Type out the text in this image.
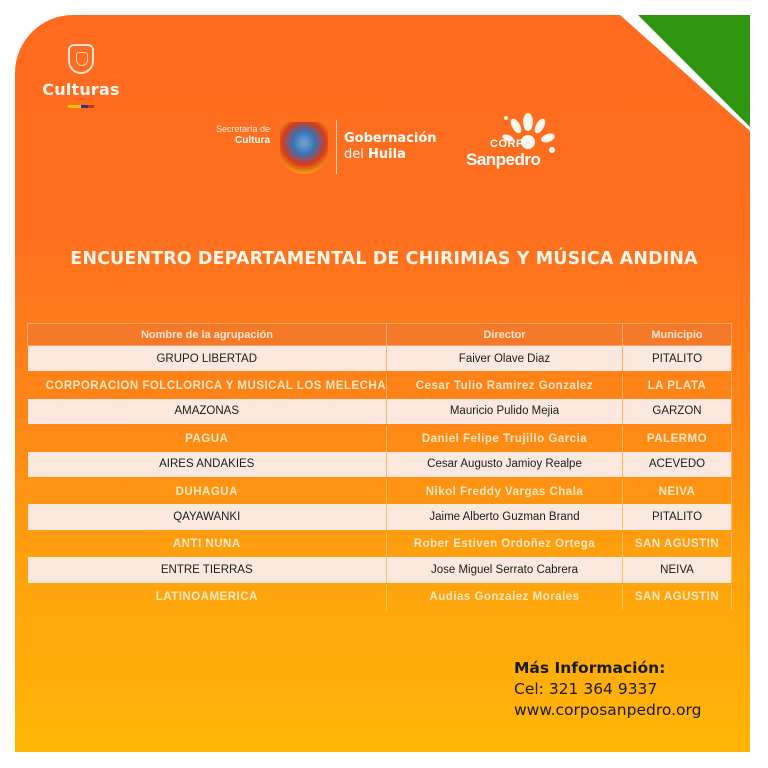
Culturas
Secretaría de
Cultura	Gobernación
del Huila
CORPO
Sanpedro
ENCUENTRO DEPARTAMENTAL DE CHIRIMIAS Y MÚSICA ANDINA
Nombre de la agrupación	Director	Municipio
GRUPO LIBERTAD	Faiver Olave Diaz	PITALITO
CORPORACION FOLCLORICA Y MUSICAL LOS MELECHA	Cesar Tulio Ramirez Gonzalez	LA PLATA
AMAZONAS	Mauricio Pulido Mejia	GARZON
PAGUA	Daniel Felipe Trujillo Garcia	PALERMO
AIRES ANDAKIES	Cesar Augusto Jamioy Realpe	ACEVEDO
DUHAGUA	Nikol Freddy Vargas Chala	NEIVA
QAYAWANKI	Jaime Alberto Guzman Brand	PITALITO
ANTI NUNA	Rober Estiven Ordoñez Ortega	SAN AGUSTIN
ENTRE TIERRAS	Jose Miguel Serrato Cabrera	NEIVA
LATINOAMERICA	Audias Gonzalez Morales	SAN AGUSTIN
Más Información:
Cel: 321 364 9337
www.corposanpedro.org
